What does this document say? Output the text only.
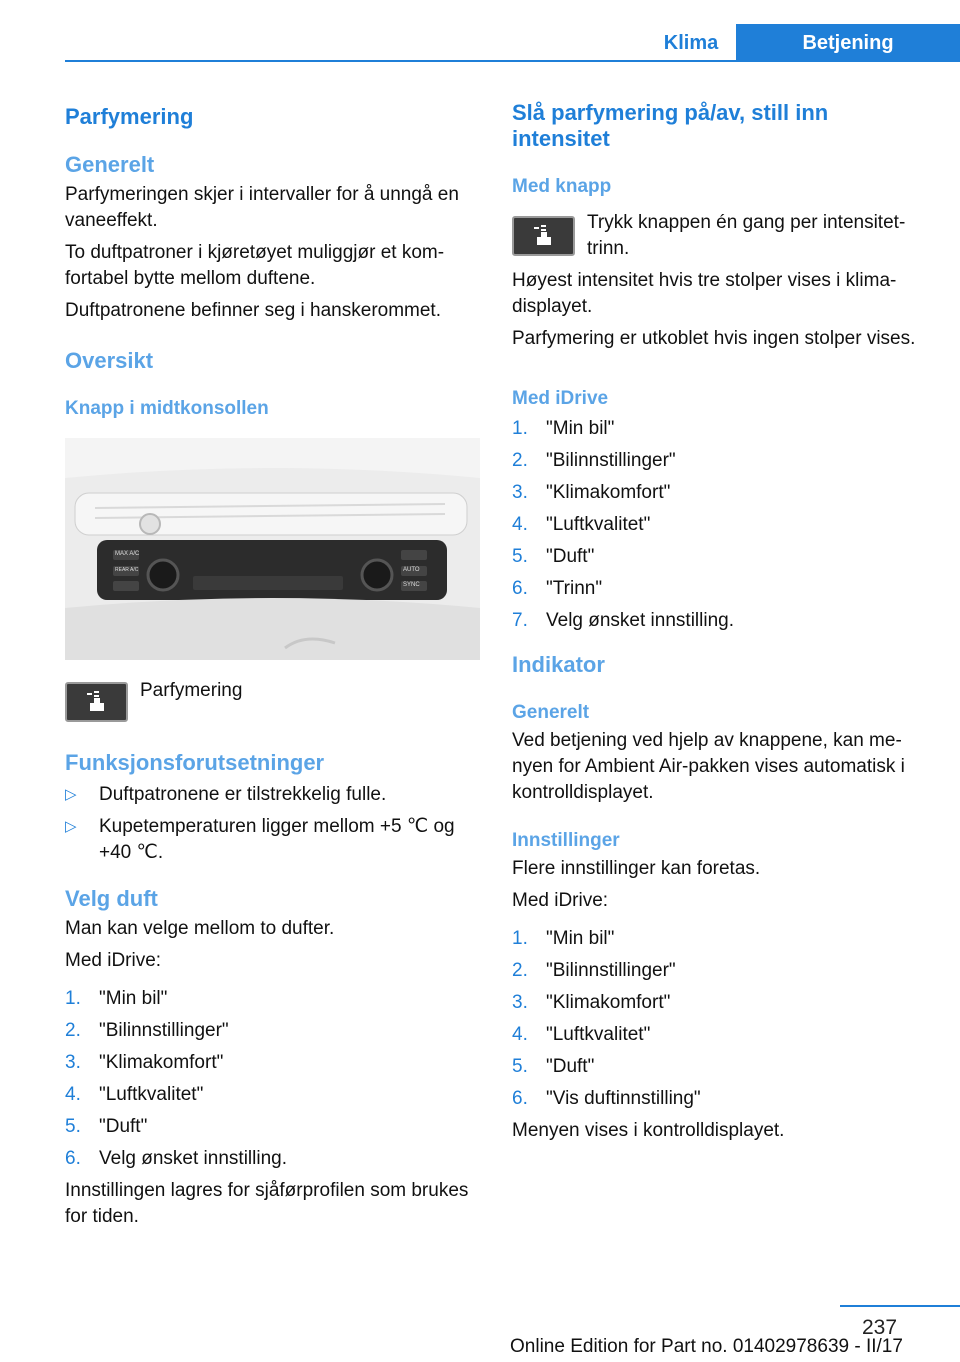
Klima	Betjening
Parfymering
Generelt

Parfymeringen skjer i intervaller for å unngå en vaneeffekt.

To duftpatroner i kjøretøyet muliggjør et komfortabel bytte mellom duftene.

Duftpatronene befinner seg i hanskerommet.

Oversikt
Knapp i midtkonsollen
MAX A/C
REAR A/C	AUTO
SYNC

Parfymering

Funksjonsforutsetninger
▷	Duftpatronene er tilstrekkelig fulle.
▷	Kupetemperaturen ligger mellom +5 ℃ og +40 ℃.
Velg duft

Man kan velge mellom to dufter.

Med iDrive:

1. "Min bil"
2. "Bilinnstillinger"
3. "Klimakomfort"
4. "Luftkvalitet"
5. "Duft"
6. Velg ønsket innstilling.

Innstillingen lagres for sjåførprofilen som brukes for tiden.

Slå parfymering på/av, still inn intensitet
Med knapp

Trykk knappen én gang per intensitettrinn.

Høyest intensitet hvis tre stolper vises i klimadisplayet.

Parfymering er utkoblet hvis ingen stolper vises.

Med iDrive
1. "Min bil"
2. "Bilinnstillinger"
3. "Klimakomfort"
4. "Luftkvalitet"
5. "Duft"
6. "Trinn"
7. Velg ønsket innstilling.
Indikator
Generelt

Ved betjening ved hjelp av knappene, kan menyen for Ambient Air-pakken vises automatisk i kontrolldisplayet.

Innstillinger

Flere innstillinger kan foretas.

Med iDrive:

1. "Min bil"
2. "Bilinnstillinger"
3. "Klimakomfort"
4. "Luftkvalitet"
5. "Duft"
6. "Vis duftinnstilling"

Menyen vises i kontrolldisplayet.

237
Online Edition for Part no. 01402978639 - II/17
